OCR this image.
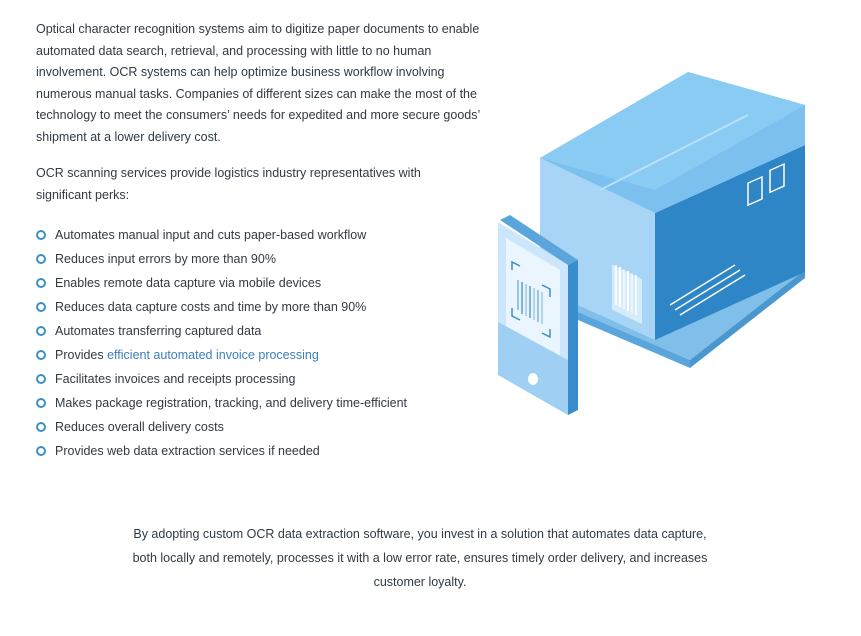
Optical character recognition systems aim to digitize paper documents to enable automated data search, retrieval, and processing with little to no human involvement. OCR systems can help optimize business workflow involving numerous manual tasks. Companies of different sizes can make the most of the technology to meet the consumers’ needs for expedited and more secure goods’ shipment at a lower delivery cost.

OCR scanning services provide logistics industry representatives with significant perks:

Automates manual input and cuts paper-based workflow
Reduces input errors by more than 90%
Enables remote data capture via mobile devices
Reduces data capture costs and time by more than 90%
Automates transferring captured data
Provides efficient automated invoice processing
Facilitates invoices and receipts processing
Makes package registration, tracking, and delivery time-efficient
Reduces overall delivery costs
Provides web data extraction services if needed

By adopting custom OCR data extraction software, you invest in a solution that automates data capture, both locally and remotely, processes it with a low error rate, ensures timely order delivery, and increases customer loyalty.
